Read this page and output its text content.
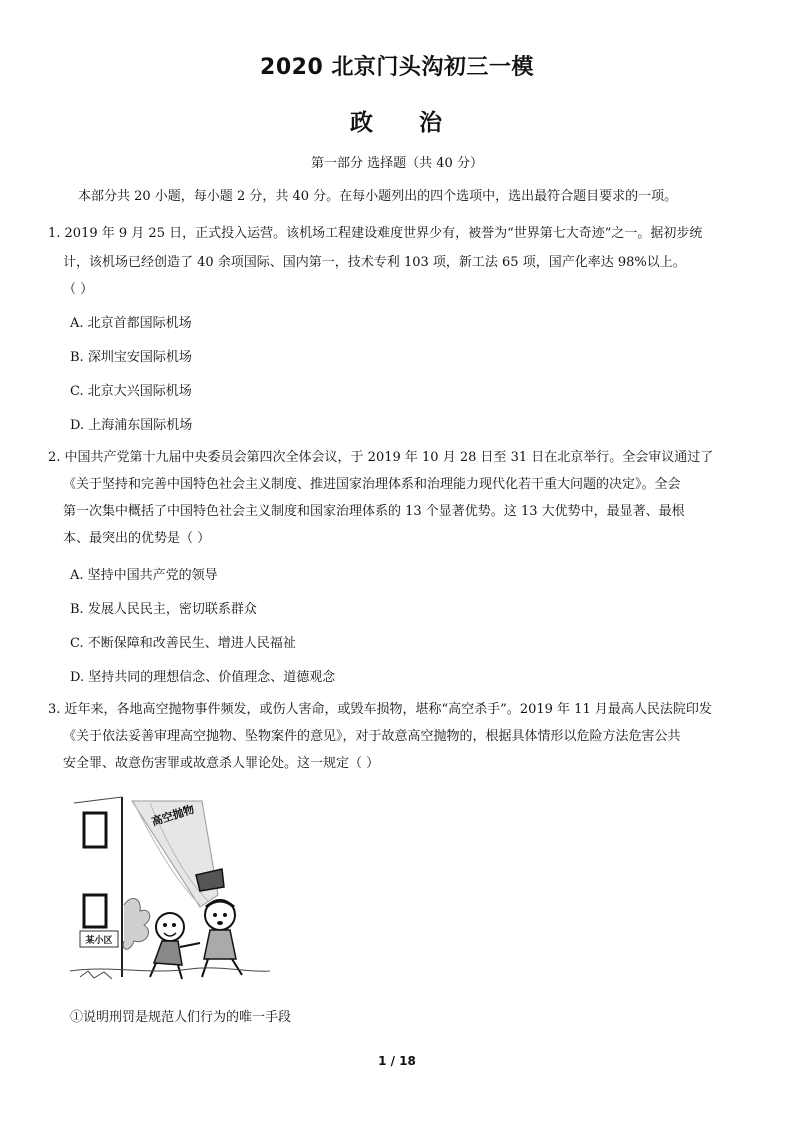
2020 北京门头沟初三一模
政 治
第一部分 选择题（共 40 分）
本部分共 20 小题，每小题 2 分，共 40 分。在每小题列出的四个选项中，选出最符合题目要求的一项。
1. 2019 年 9 月 25 日，正式投入运营。该机场工程建设难度世界少有，被誉为“世界第七大奇迹”之一。据初步统
计，该机场已经创造了 40 余项国际、国内第一，技术专利 103 项，新工法 65 项，国产化率达 98%以上。
（ ）
A. 北京首都国际机场
B. 深圳宝安国际机场
C. 北京大兴国际机场
D. 上海浦东国际机场
2. 中国共产党第十九届中央委员会第四次全体会议，于 2019 年 10 月 28 日至 31 日在北京举行。全会审议通过了
《关于坚持和完善中国特色社会主义制度、推进国家治理体系和治理能力现代化若干重大问题的决定》。全会
第一次集中概括了中国特色社会主义制度和国家治理体系的 13 个显著优势。这 13 大优势中，最显著、最根
本、最突出的优势是（ ）
A. 坚持中国共产党的领导
B. 发展人民民主，密切联系群众
C. 不断保障和改善民生、增进人民福祉
D. 坚持共同的理想信念、价值理念、道德观念
3. 近年来，各地高空抛物事件频发，或伤人害命，或毁车损物，堪称“高空杀手”。2019 年 11 月最高人民法院印发
《关于依法妥善审理高空抛物、坠物案件的意见》，对于故意高空抛物的，根据具体情形以危险方法危害公共
安全罪、故意伤害罪或故意杀人罪论处。这一规定（ ）
某小区
高空抛物
①说明刑罚是规范人们行为的唯一手段
1 / 18
